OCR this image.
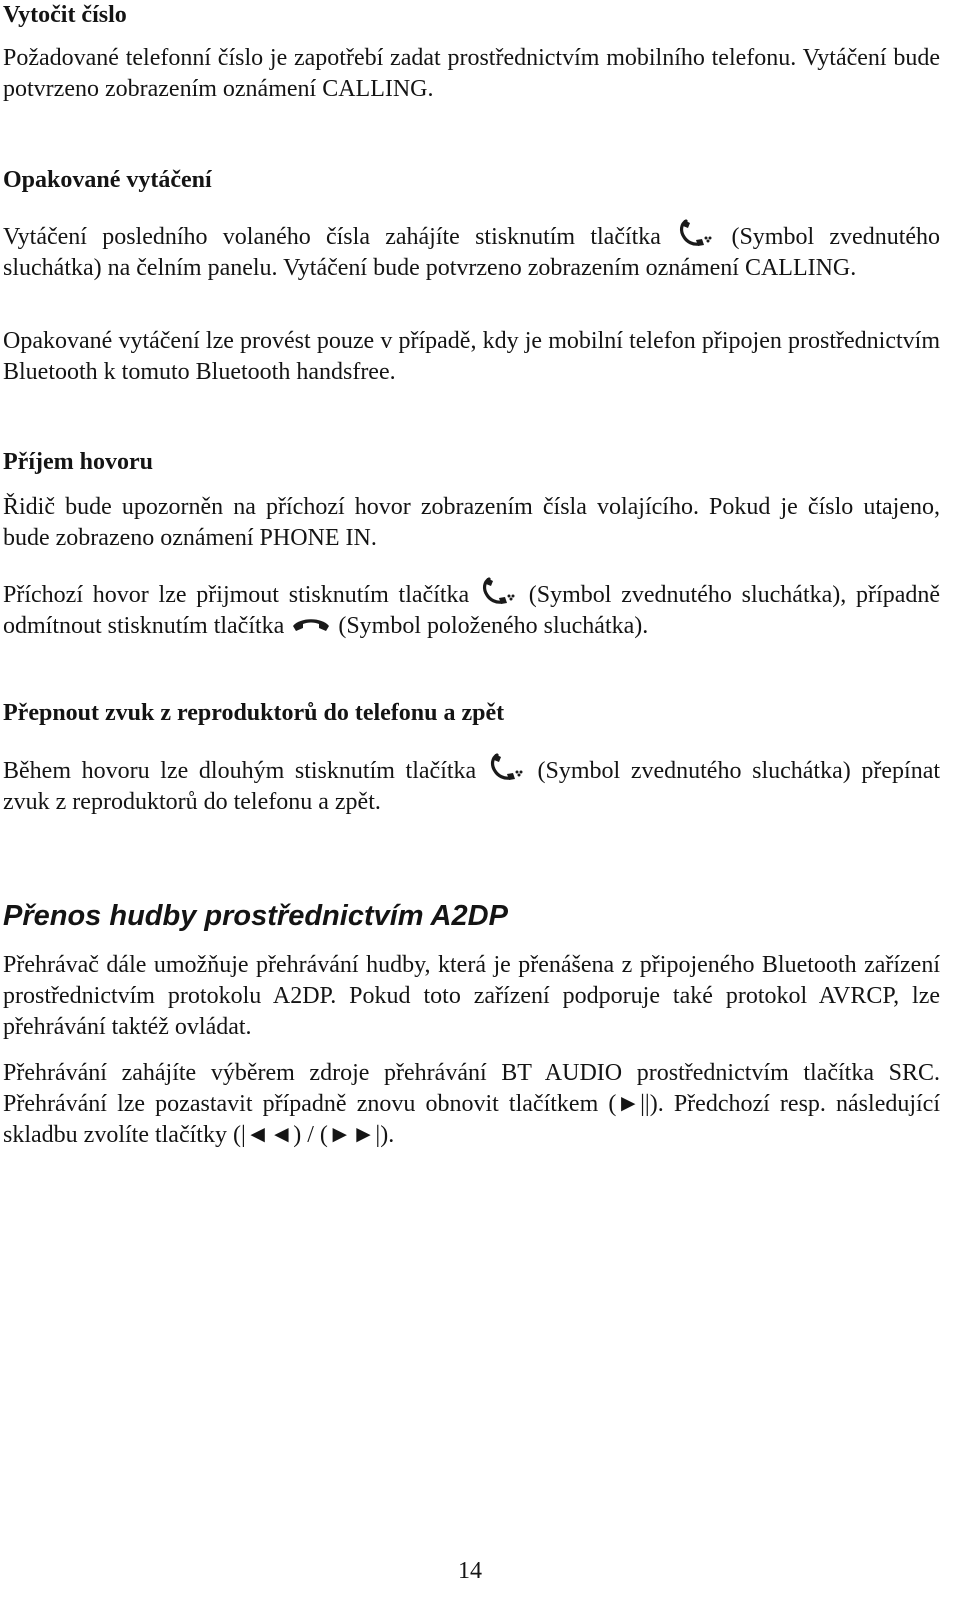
Vytočit číslo

Požadované telefonní číslo je zapotřebí zadat prostřednictvím mobilního telefonu. Vytáčení bude potvrzeno zobrazením oznámení CALLING.

Opakované vytáčení

Vytáčení posledního volaného čísla zahájíte stisknutím tlačítka	(Symbol zvednutého sluchátka) na čelním panelu. Vytáčení bude potvrzeno zobrazením oznámení CALLING.

Opakované vytáčení lze provést pouze v případě, kdy je mobilní telefon připojen prostřednictvím Bluetooth k tomuto Bluetooth handsfree.

Příjem hovoru

Řidič bude upozorněn na příchozí hovor zobrazením čísla volajícího. Pokud je číslo utajeno, bude zobrazeno oznámení PHONE IN.

Příchozí hovor lze přijmout stisknutím tlačítka (Symbol zvednutého sluchátka), případně odmítnout stisknutím tlačítka (Symbol položeného sluchátka).

Přepnout zvuk z reproduktorů do telefonu a zpět

Během hovoru lze dlouhým stisknutím tlačítka	(Symbol zvednutého sluchátka) přepínat zvuk z reproduktorů do telefonu a zpět.

Přenos hudby prostřednictvím A2DP

Přehrávač dále umožňuje přehrávání hudby, která je přenášena z připojeného Bluetooth zařízení prostřednictvím protokolu A2DP. Pokud toto zařízení podporuje také protokol AVRCP, lze přehrávání taktéž ovládat.

Přehrávání zahájíte výběrem zdroje přehrávání BT AUDIO prostřednictvím tlačítka SRC. Přehrávání lze pozastavit případně znovu obnovit tlačítkem (►||). Předchozí resp. následující skladbu zvolíte tlačítky (|◄◄) / (►►|).

14
